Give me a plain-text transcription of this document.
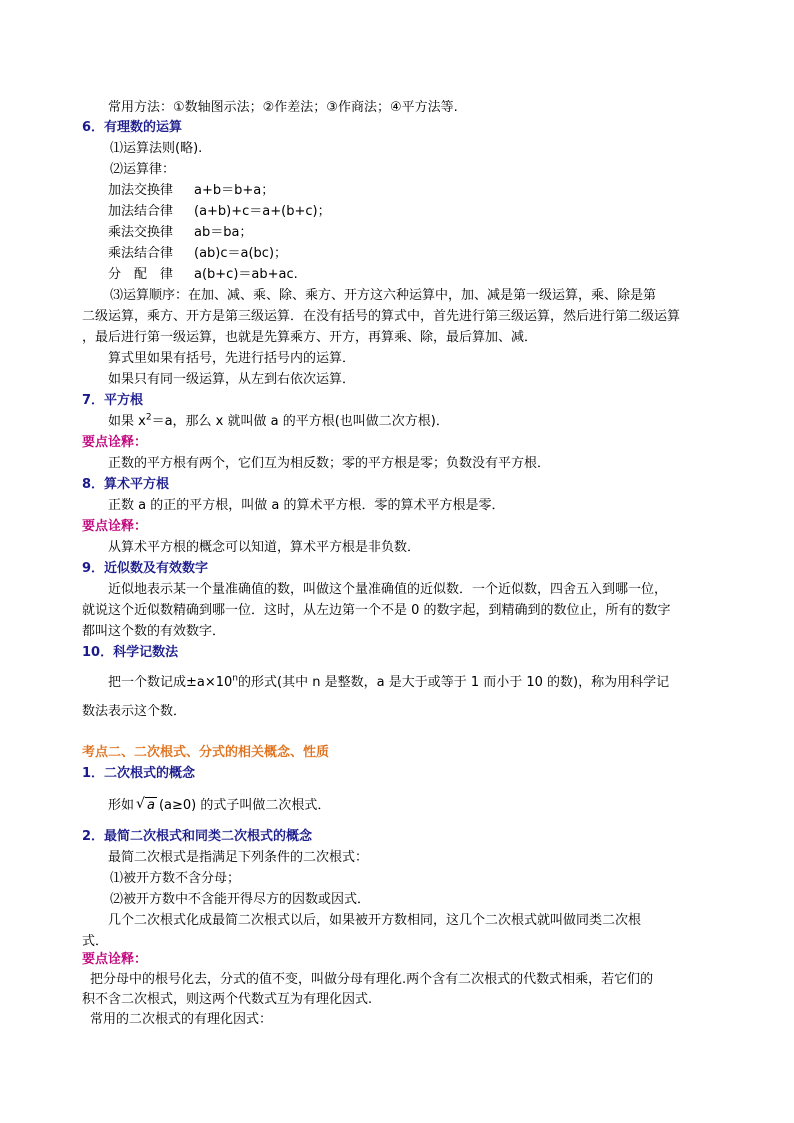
常用方法：①数轴图示法；②作差法；③作商法；④平方法等.
6．有理数的运算
⑴运算法则(略).
⑵运算律：
加法交换律 a+b＝b+a；
加法结合律 (a+b)+c＝a+(b+c)；
乘法交换律 ab＝ba；
乘法结合律 (ab)c＝a(bc)；
分　配　律 a(b+c)＝ab+ac.
⑶运算顺序：在加、减、乘、除、乘方、开方这六种运算中，加、减是第一级运算，乘、除是第
二级运算，乘方、开方是第三级运算．在没有括号的算式中，首先进行第三级运算，然后进行第二级运算
，最后进行第一级运算，也就是先算乘方、开方，再算乘、除，最后算加、减．
算式里如果有括号，先进行括号内的运算．
如果只有同一级运算，从左到右依次运算．
7．平方根
如果 $x^2=a$，那么 x 就叫做 a 的平方根(也叫做二次方根)．
要点诠释：
正数的平方根有两个，它们互为相反数；零的平方根是零；负数没有平方根．
8．算术平方根
正数 a 的正的平方根，叫做 a 的算术平方根．零的算术平方根是零．
要点诠释：
从算术平方根的概念可以知道，算术平方根是非负数．
9．近似数及有效数字
近似地表示某一个量准确值的数，叫做这个量准确值的近似数．一个近似数，四舍五入到哪一位，
就说这个近似数精确到哪一位．这时，从左边第一个不是 0 的数字起，到精确到的数位止，所有的数字
都叫这个数的有效数字．
10．科学记数法
把一个数记成$\pm a\times 10^n$的形式(其中 n 是整数，a 是大于或等于 1 而小于 10 的数)，称为用科学记
数法表示这个数．
考点二、二次根式、分式的相关概念、性质
1．二次根式的概念
形如√ a (a≥0) 的式子叫做二次根式．
2．最简二次根式和同类二次根式的概念
最简二次根式是指满足下列条件的二次根式：
⑴被开方数不含分母；
⑵被开方数中不含能开得尽方的因数或因式．
几个二次根式化成最简二次根式以后，如果被开方数相同，这几个二次根式就叫做同类二次根
式．
要点诠释：
把分母中的根号化去，分式的值不变，叫做分母有理化.两个含有二次根式的代数式相乘，若它们的
积不含二次根式，则这两个代数式互为有理化因式.
常用的二次根式的有理化因式：
